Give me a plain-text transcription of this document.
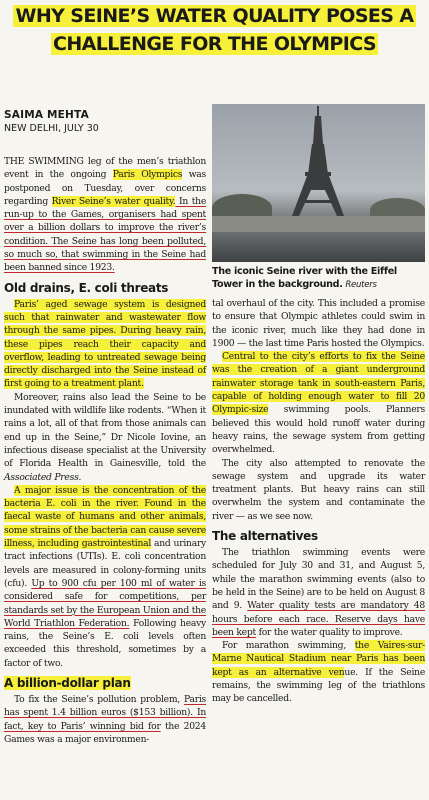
WHY SEINE’S WATER QUALITY POSES A
CHALLENGE FOR THE OLYMPICS
SAIMA MEHTA
NEW DELHI, JULY 30

THE SWIMMING leg of the men’s triathlon event in the ongoing Paris Olympics was postponed on Tuesday, over concerns regarding River Seine’s water quality. In the run-up to the Games, organisers had spent over a billion dollars to improve the river’s condition. The Seine has long been polluted, so much so, that swimming in the Seine had been banned since 1923.

Old drains, E. coli threats

Paris’ aged sewage system is designed such that rainwater and wastewater flow through the same pipes. During heavy rain, these pipes reach their capacity and overflow, leading to untreated sewage being directly discharged into the Seine instead of first going to a treatment plant.

Moreover, rains also lead the Seine to be inundated with wildlife like rodents. “When it rains a lot, all of that from those animals can end up in the Seine,” Dr Nicole Iovine, an infectious disease specialist at the University of Florida Health in Gainesville, told the Associated Press.

A major issue is the concentration of the bacteria E. coli in the river. Found in the faecal waste of humans and other animals, some strains of the bacteria can cause severe illness, including gastrointestinal and urinary tract infections (UTIs). E. coli concentration levels are measured in colony-forming units (cfu). Up to 900 cfu per 100 ml of water is considered safe for competitions, per standards set by the European Union and the World Triathlon Federation. Following heavy rains, the Seine’s E. coli levels often exceeded this threshold, sometimes by a factor of two.

A billion-dollar plan

To fix the Seine’s pollution problem, Paris has spent 1.4 billion euros ($153 billion). In fact, key to Paris’ winning bid for the 2024 Games was a major environmen-

The iconic Seine river with the Eiffel Tower in the background. Reuters

tal overhaul of the city. This included a promise to ensure that Olympic athletes could swim in the iconic river, much like they had done in 1900 — the last time Paris hosted the Olympics.

Central to the city’s efforts to fix the Seine was the creation of a giant underground rainwater storage tank in south-eastern Paris, capable of holding enough water to fill 20 Olympic-size swimming pools. Planners believed this would hold runoff water during heavy rains, the sewage system from getting overwhelmed.

The city also attempted to renovate the sewage system and upgrade its water treatment plants. But heavy rains can still overwhelm the system and contaminate the river — as we see now.

The alternatives

The triathlon swimming events were scheduled for July 30 and 31, and August 5, while the marathon swimming events (also to be held in the Seine) are to be held on August 8 and 9. Water quality tests are mandatory 48 hours before each race. Reserve days have been kept for the water quality to improve.

For marathon swimming, the Vaires-sur-Marne Nautical Stadium near Paris has been kept as an alternative venue. If the Seine remains, the swimming leg of the triathlons may be cancelled.
